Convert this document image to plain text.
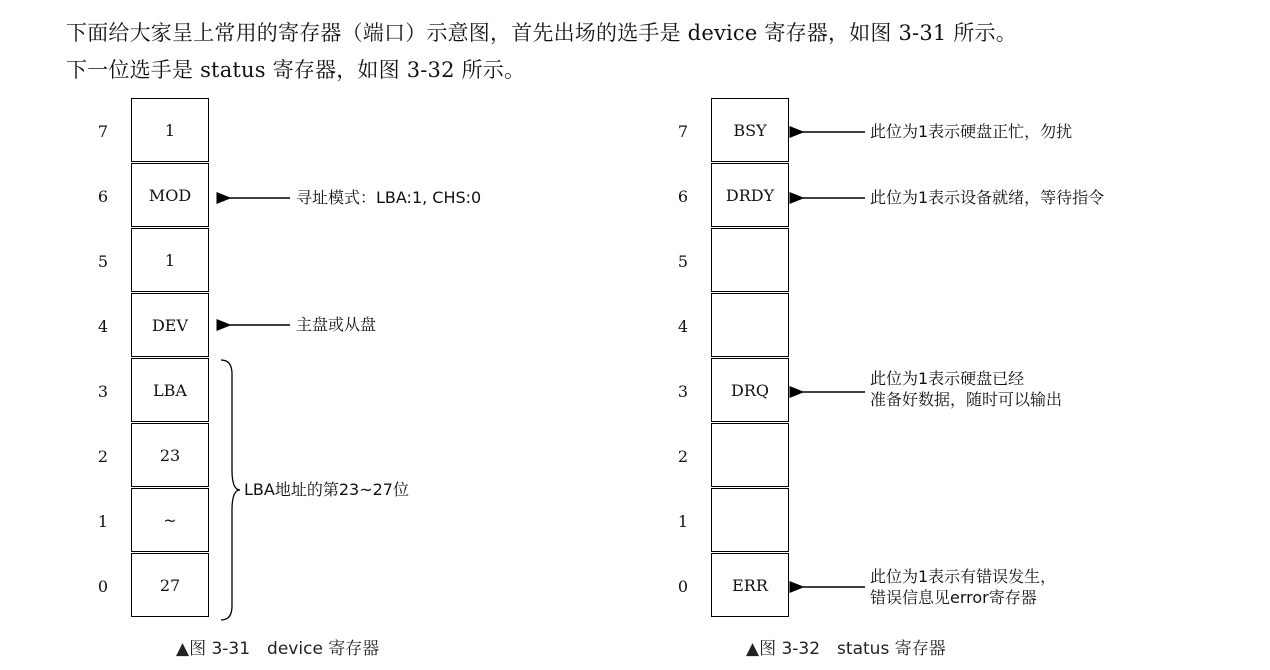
下面给大家呈上常用的寄存器（端口）示意图，首先出场的选手是 device 寄存器，如图 3-31 所示。
下一位选手是 status 寄存器，如图 3-32 所示。
7	1
6	MOD
5	1
4	DEV
3	LBA
2	23
1	~
0	27
寻址模式：LBA:1, CHS:0
主盘或从盘
LBA地址的第23~27位
▲图 3-31　device 寄存器
7	BSY
6	DRDY
5
4
3	DRQ
2
1
0	ERR
此位为1表示硬盘正忙，勿扰
此位为1表示设备就绪，等待指令
此位为1表示硬盘已经
准备好数据，随时可以输出
此位为1表示有错误发生，
错误信息见error寄存器
▲图 3-32　status 寄存器
